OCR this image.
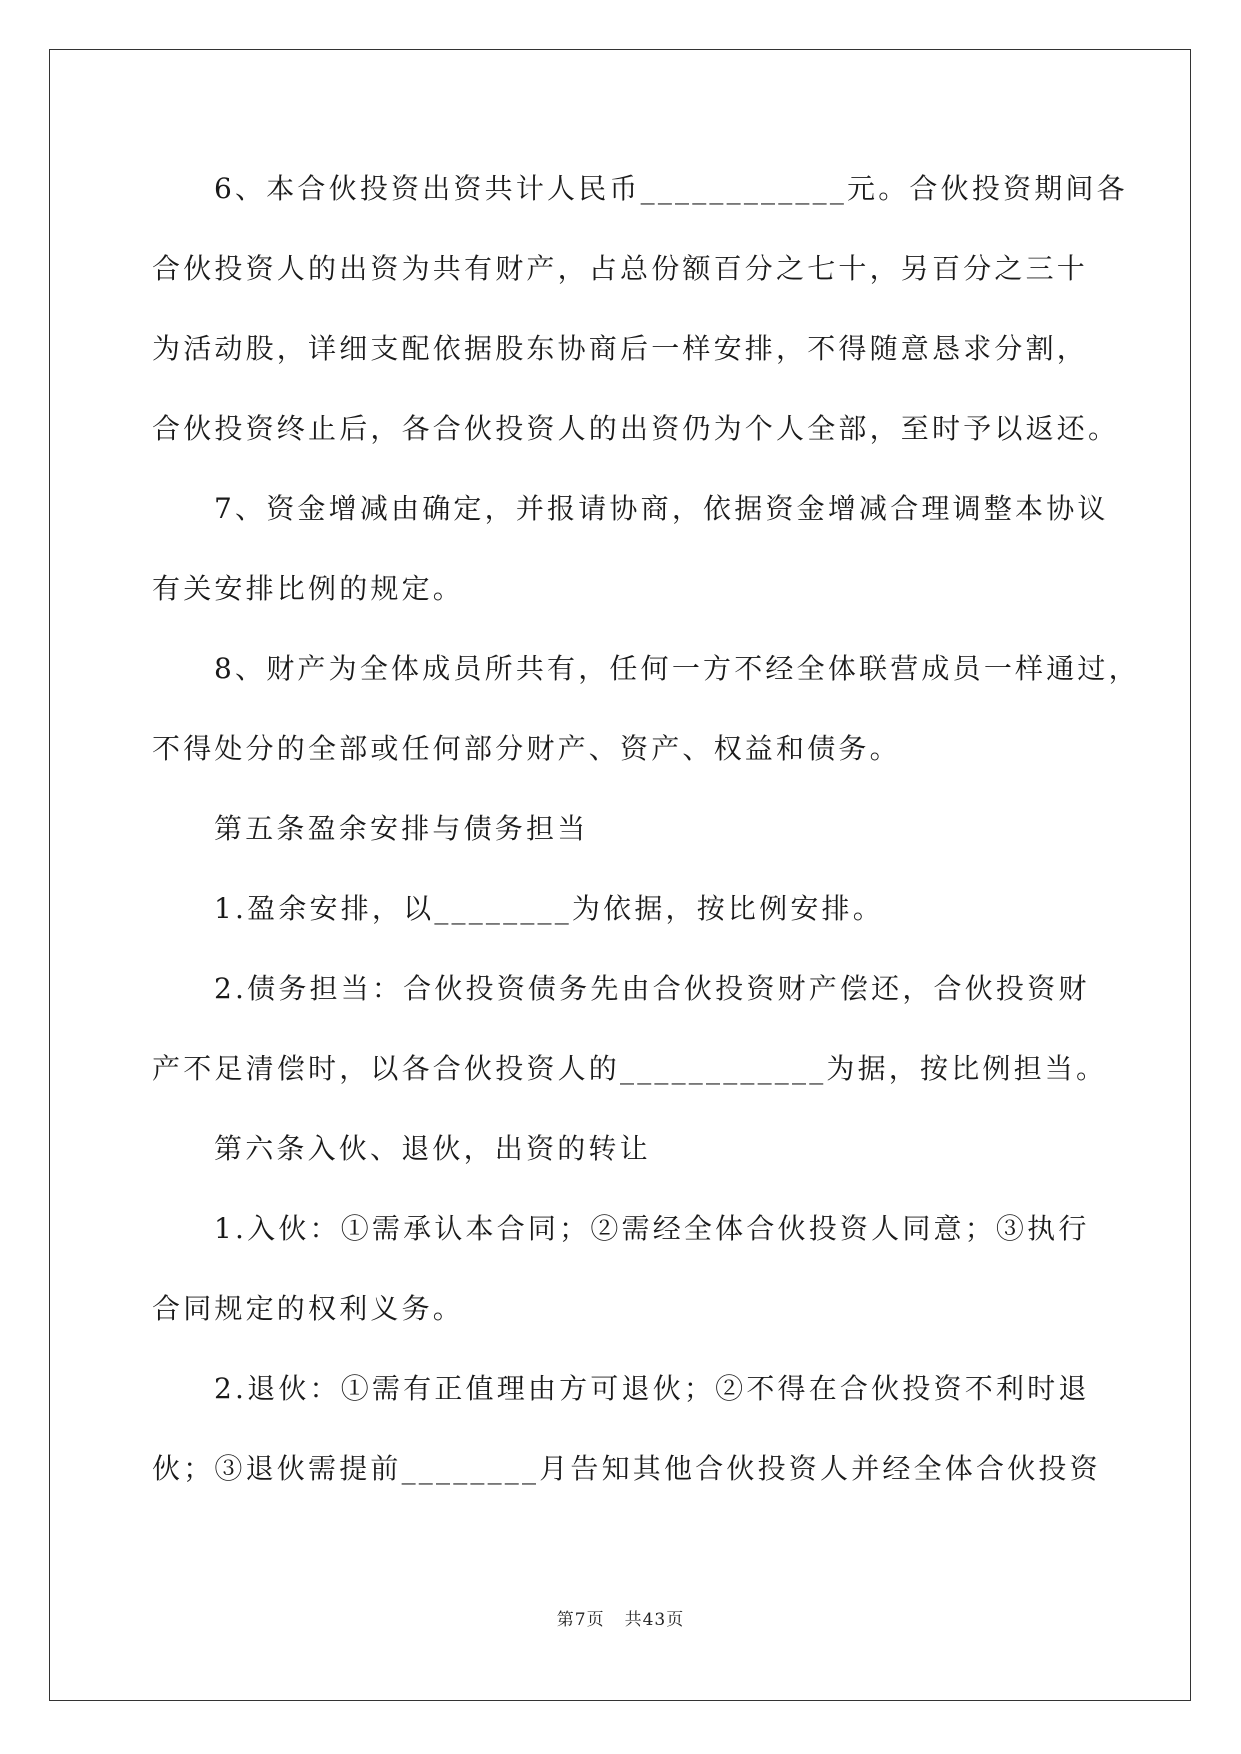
6、本合伙投资出资共计人民币____________元。合伙投资期间各
合伙投资人的出资为共有财产，占总份额百分之七十，另百分之三十
为活动股，详细支配依据股东协商后一样安排，不得随意恳求分割，
合伙投资终止后，各合伙投资人的出资仍为个人全部，至时予以返还。
7、资金增减由确定，并报请协商，依据资金增减合理调整本协议
有关安排比例的规定。
8、财产为全体成员所共有，任何一方不经全体联营成员一样通过，
不得处分的全部或任何部分财产、资产、权益和债务。
第五条盈余安排与债务担当
1.盈余安排，以________为依据，按比例安排。
2.债务担当：合伙投资债务先由合伙投资财产偿还，合伙投资财
产不足清偿时，以各合伙投资人的____________为据，按比例担当。
第六条入伙、退伙，出资的转让
1.入伙：①需承认本合同；②需经全体合伙投资人同意；③执行
合同规定的权利义务。
2.退伙：①需有正值理由方可退伙；②不得在合伙投资不利时退
伙；③退伙需提前________月告知其他合伙投资人并经全体合伙投资
第7页 共43页
